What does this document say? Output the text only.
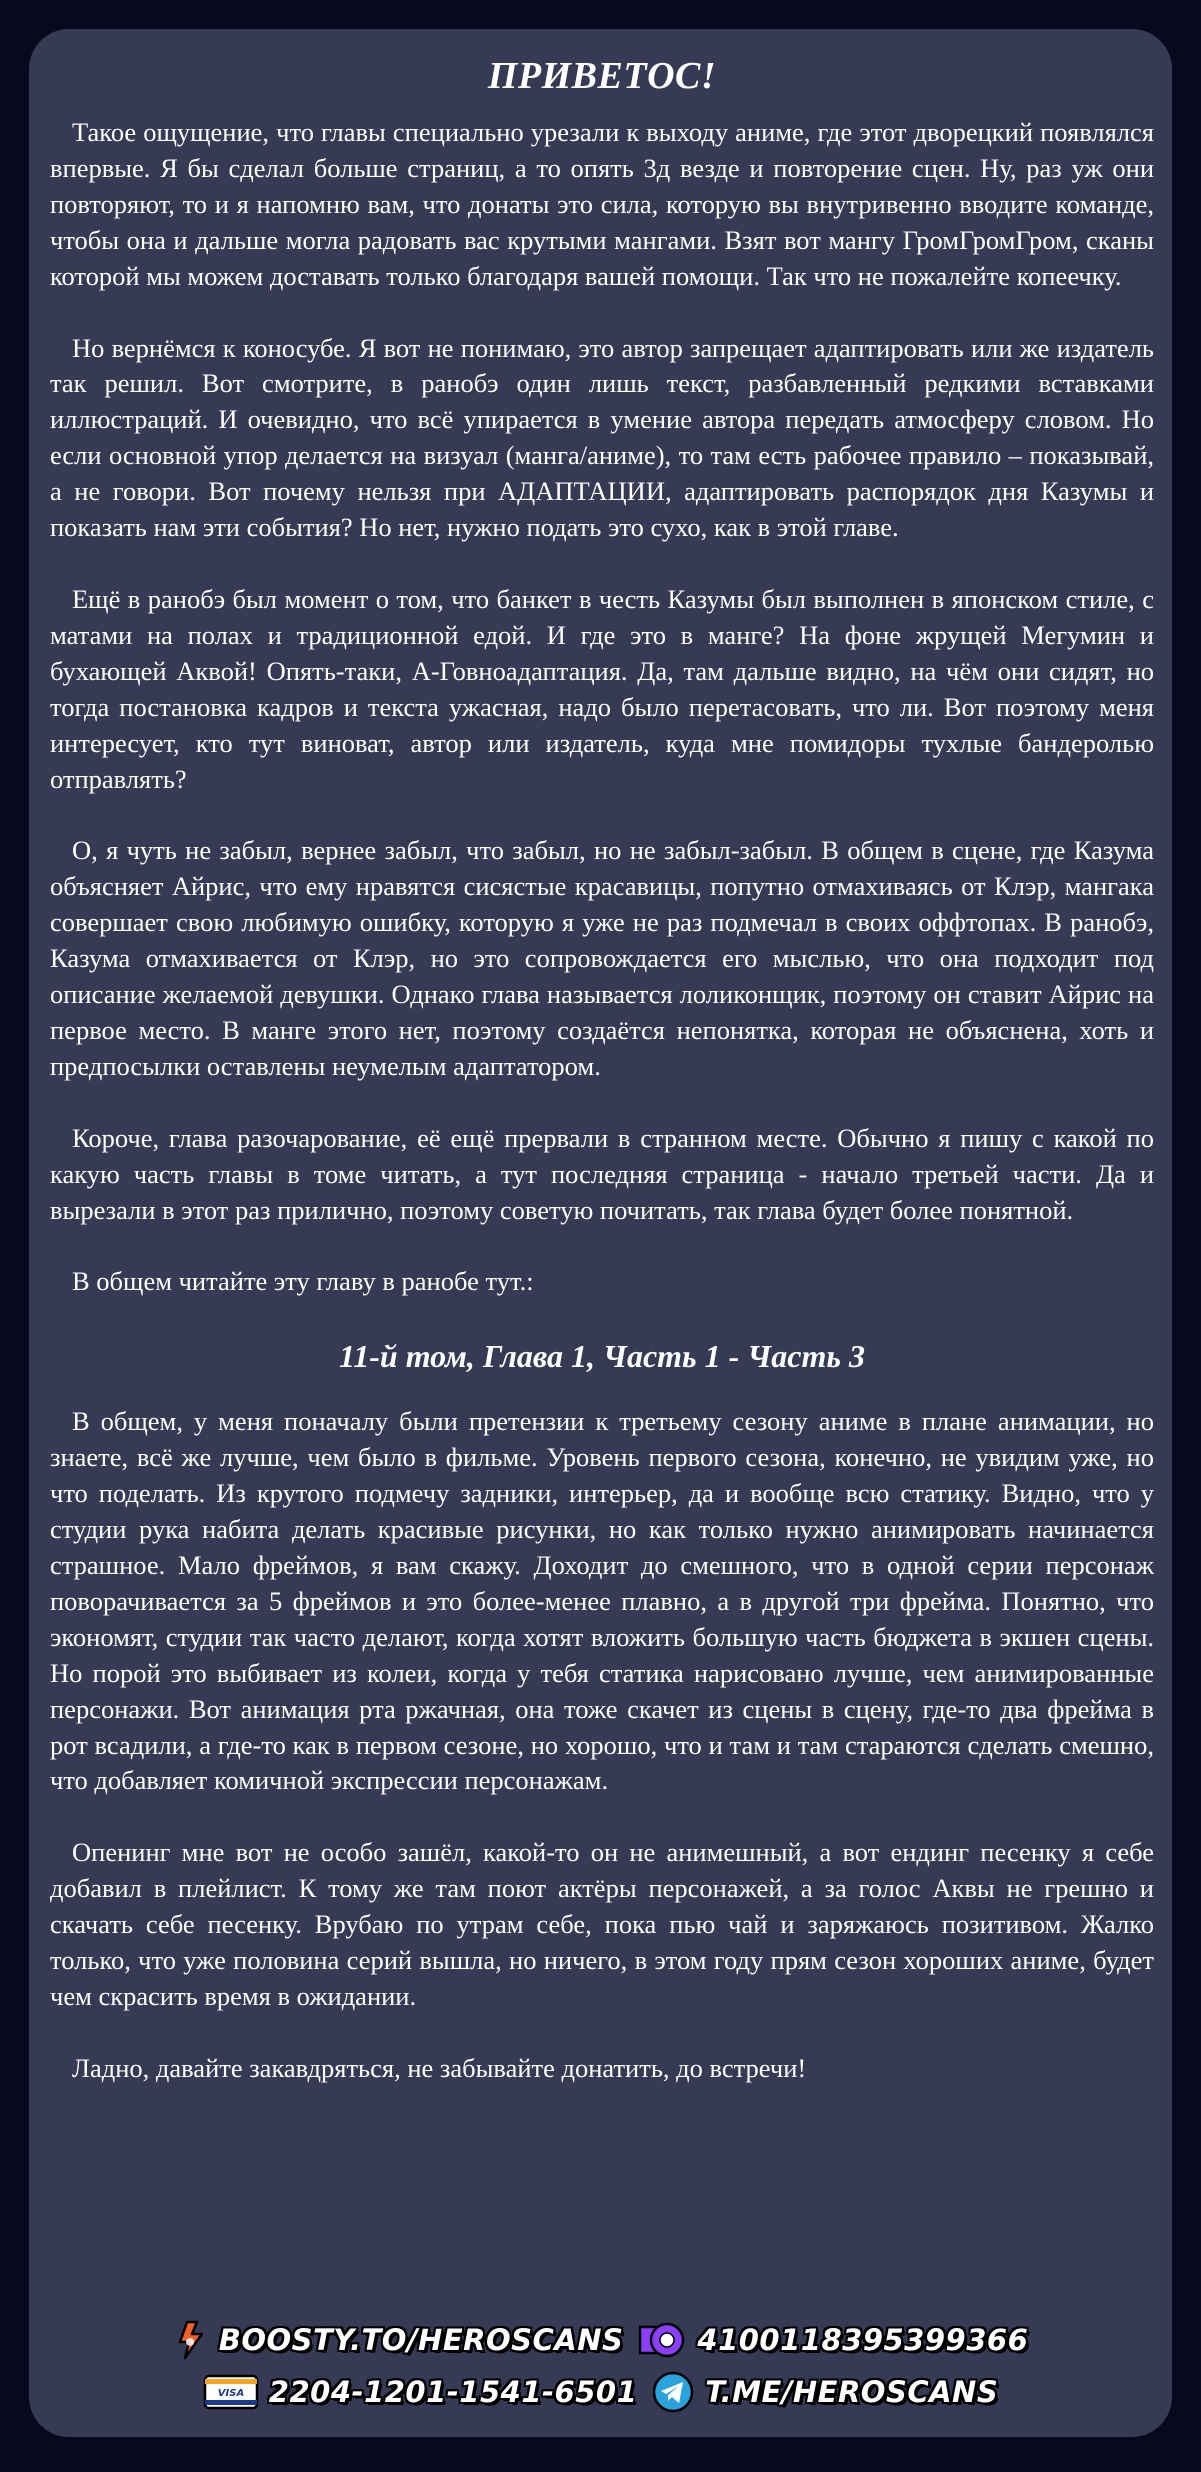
ПРИВЕТОС!

Такое ощущение, что главы специально урезали к выходу аниме, где этот дворецкий появлялся впервые. Я бы сделал больше страниц, а то опять 3д везде и повторение сцен. Ну, раз уж они повторяют, то и я напомню вам, что донаты это сила, которую вы внутривенно вводите команде, чтобы она и дальше могла радовать вас крутыми мангами. Взят вот мангу ГромГромГром, сканы которой мы можем доставать только благодаря вашей помощи. Так что не пожалейте копеечку.

Но вернёмся к коносубе. Я вот не понимаю, это автор запрещает адаптировать или же издатель так решил. Вот смотрите, в ранобэ один лишь текст, разбавленный редкими вставками иллюстраций. И очевидно, что всё упирается в умение автора передать атмосферу словом. Но если основной упор делается на визуал (манга/аниме), то там есть рабочее правило – показывай, а не говори. Вот почему нельзя при АДАПТАЦИИ, адаптировать распорядок дня Казумы и показать нам эти события? Но нет, нужно подать это сухо, как в этой главе.

Ещё в ранобэ был момент о том, что банкет в честь Казумы был выполнен в японском стиле, с матами на полах и традиционной едой. И где это в манге? На фоне жрущей Мегумин и бухающей Аквой! Опять-таки, А-Говноадаптация. Да, там дальше видно, на чём они сидят, но тогда постановка кадров и текста ужасная, надо было перетасовать, что ли. Вот поэтому меня интересует, кто тут виноват, автор или издатель, куда мне помидоры тухлые бандеролью отправлять?

О, я чуть не забыл, вернее забыл, что забыл, но не забыл-забыл. В общем в сцене, где Казума объясняет Айрис, что ему нравятся сисястые красавицы, попутно отмахиваясь от Клэр, мангака совершает свою любимую ошибку, которую я уже не раз подмечал в своих оффтопах. В ранобэ, Казума отмахивается от Клэр, но это сопровождается его мыслью, что она подходит под описание желаемой девушки. Однако глава называется лоликонщик, поэтому он ставит Айрис на первое место. В манге этого нет, поэтому создаётся непонятка, которая не объяснена, хоть и предпосылки оставлены неумелым адаптатором.

Короче, глава разочарование, её ещё прервали в странном месте. Обычно я пишу с какой по какую часть главы в томе читать, а тут последняя страница - начало третьей части. Да и вырезали в этот раз прилично, поэтому советую почитать, так глава будет более понятной.

В общем читайте эту главу в ранобе тут.:

11-й том, Глава 1, Часть 1 - Часть 3

В общем, у меня поначалу были претензии к третьему сезону аниме в плане анимации, но знаете, всё же лучше, чем было в фильме. Уровень первого сезона, конечно, не увидим уже, но что поделать. Из крутого подмечу задники, интерьер, да и вообще всю статику. Видно, что у студии рука набита делать красивые рисунки, но как только нужно анимировать начинается страшное. Мало фреймов, я вам скажу. Доходит до смешного, что в одной серии персонаж поворачивается за 5 фреймов и это более-менее плавно, а в другой три фрейма. Понятно, что экономят, студии так часто делают, когда хотят вложить большую часть бюджета в экшен сцены. Но порой это выбивает из колеи, когда у тебя статика нарисовано лучше, чем анимированные персонажи. Вот анимация рта ржачная, она тоже скачет из сцены в сцену, где-то два фрейма в рот всадили, а где-то как в первом сезоне, но хорошо, что и там и там стараются сделать смешно, что добавляет комичной экспрессии персонажам.

Опенинг мне вот не особо зашёл, какой-то он не анимешный, а вот ендинг песенку я себе добавил в плейлист. К тому же там поют актёры персонажей, а за голос Аквы не грешно и скачать себе песенку. Врубаю по утрам себе, пока пью чай и заряжаюсь позитивом. Жалко только, что уже половина серий вышла, но ничего, в этом году прям сезон хороших аниме, будет чем скрасить время в ожидании.

Ладно, давайте закавдряться, не забывайте донатить, до встречи!

BOOSTY.TO/HEROSCANS	4100118395399366
VISA 2204-1201-1541-6501 T.ME/HEROSCANS
